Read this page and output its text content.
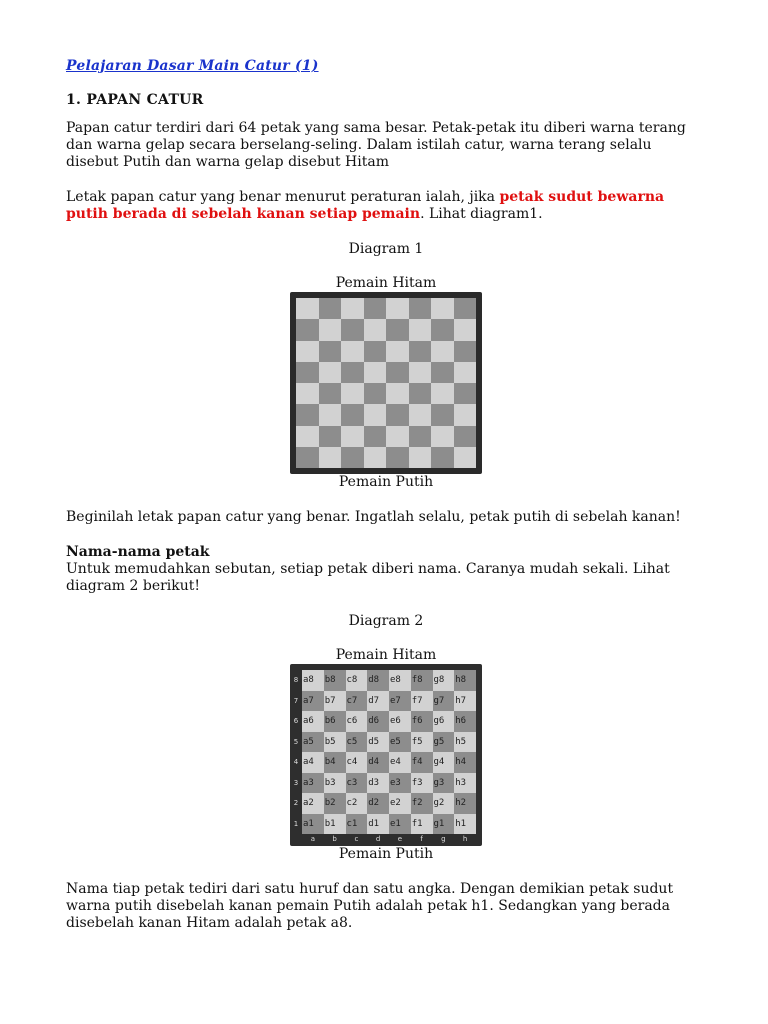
Pelajaran Dasar Main Catur (1)
1. PAPAN CATUR

Papan catur terdiri dari 64 petak yang sama besar. Petak-petak itu diberi warna terang dan warna gelap secara berselang-seling. Dalam istilah catur, warna terang selalu disebut Putih dan warna gelap disebut Hitam

Letak papan catur yang benar menurut peraturan ialah, jika petak sudut bewarna putih berada di sebelah kanan setiap pemain. Lihat diagram1.

Diagram 1
Pemain Hitam
Pemain Putih

Beginilah letak papan catur yang benar. Ingatlah selalu, petak putih di sebelah kanan!

Nama-nama petak

Untuk memudahkan sebutan, setiap petak diberi nama. Caranya mudah sekali. Lihat diagram 2 berikut!

Diagram 2
Pemain Hitam
a8 b8 c8 d8 e8 f8 g8 h8
a7 b7 c7 d7 e7 f7 g7 h7
a6 b6 c6 d6 e6 f6 g6 h6
a5 b5 c5 d5 e5 f5 g5 h5
a4 b4 c4 d4 e4 f4 g4 h4
a3 b3 c3 d3 e3 f3 g3 h3
a2 b2 c2 d2 e2 f2 g2 h2
a1 b1 c1 d1 e1 f1 g1 h1
8
7
6
5
4
3
2
1
a	b	c	d	e	f	g	h
Pemain Putih

Nama tiap petak tediri dari satu huruf dan satu angka. Dengan demikian petak sudut warna putih disebelah kanan pemain Putih adalah petak h1. Sedangkan yang berada disebelah kanan Hitam adalah petak a8.
